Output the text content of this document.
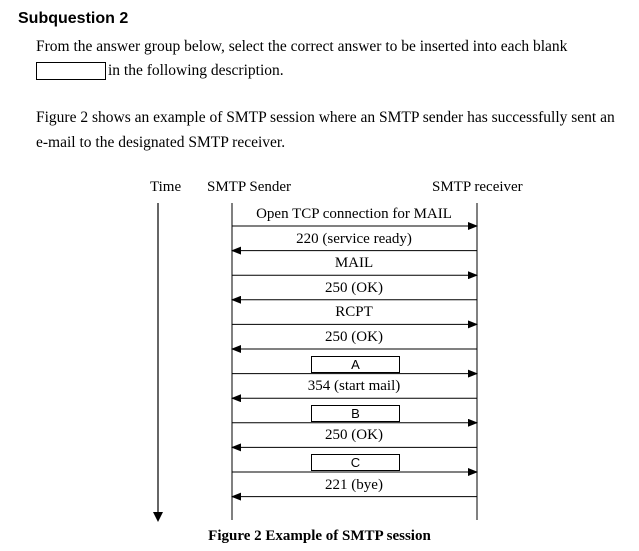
Subquestion 2
From the answer group below, select the correct answer to be inserted into each blank
in the following description.
Figure 2 shows an example of SMTP session where an SMTP sender has successfully sent an e-mail to the designated SMTP receiver.
Time SMTP Sender	SMTP receiver
Open TCP connection for MAIL
220 (service ready)
MAIL
250 (OK)
RCPT
250 (OK)
A
354 (start mail)
B
250 (OK)
C
221 (bye)
Figure 2 Example of SMTP session
